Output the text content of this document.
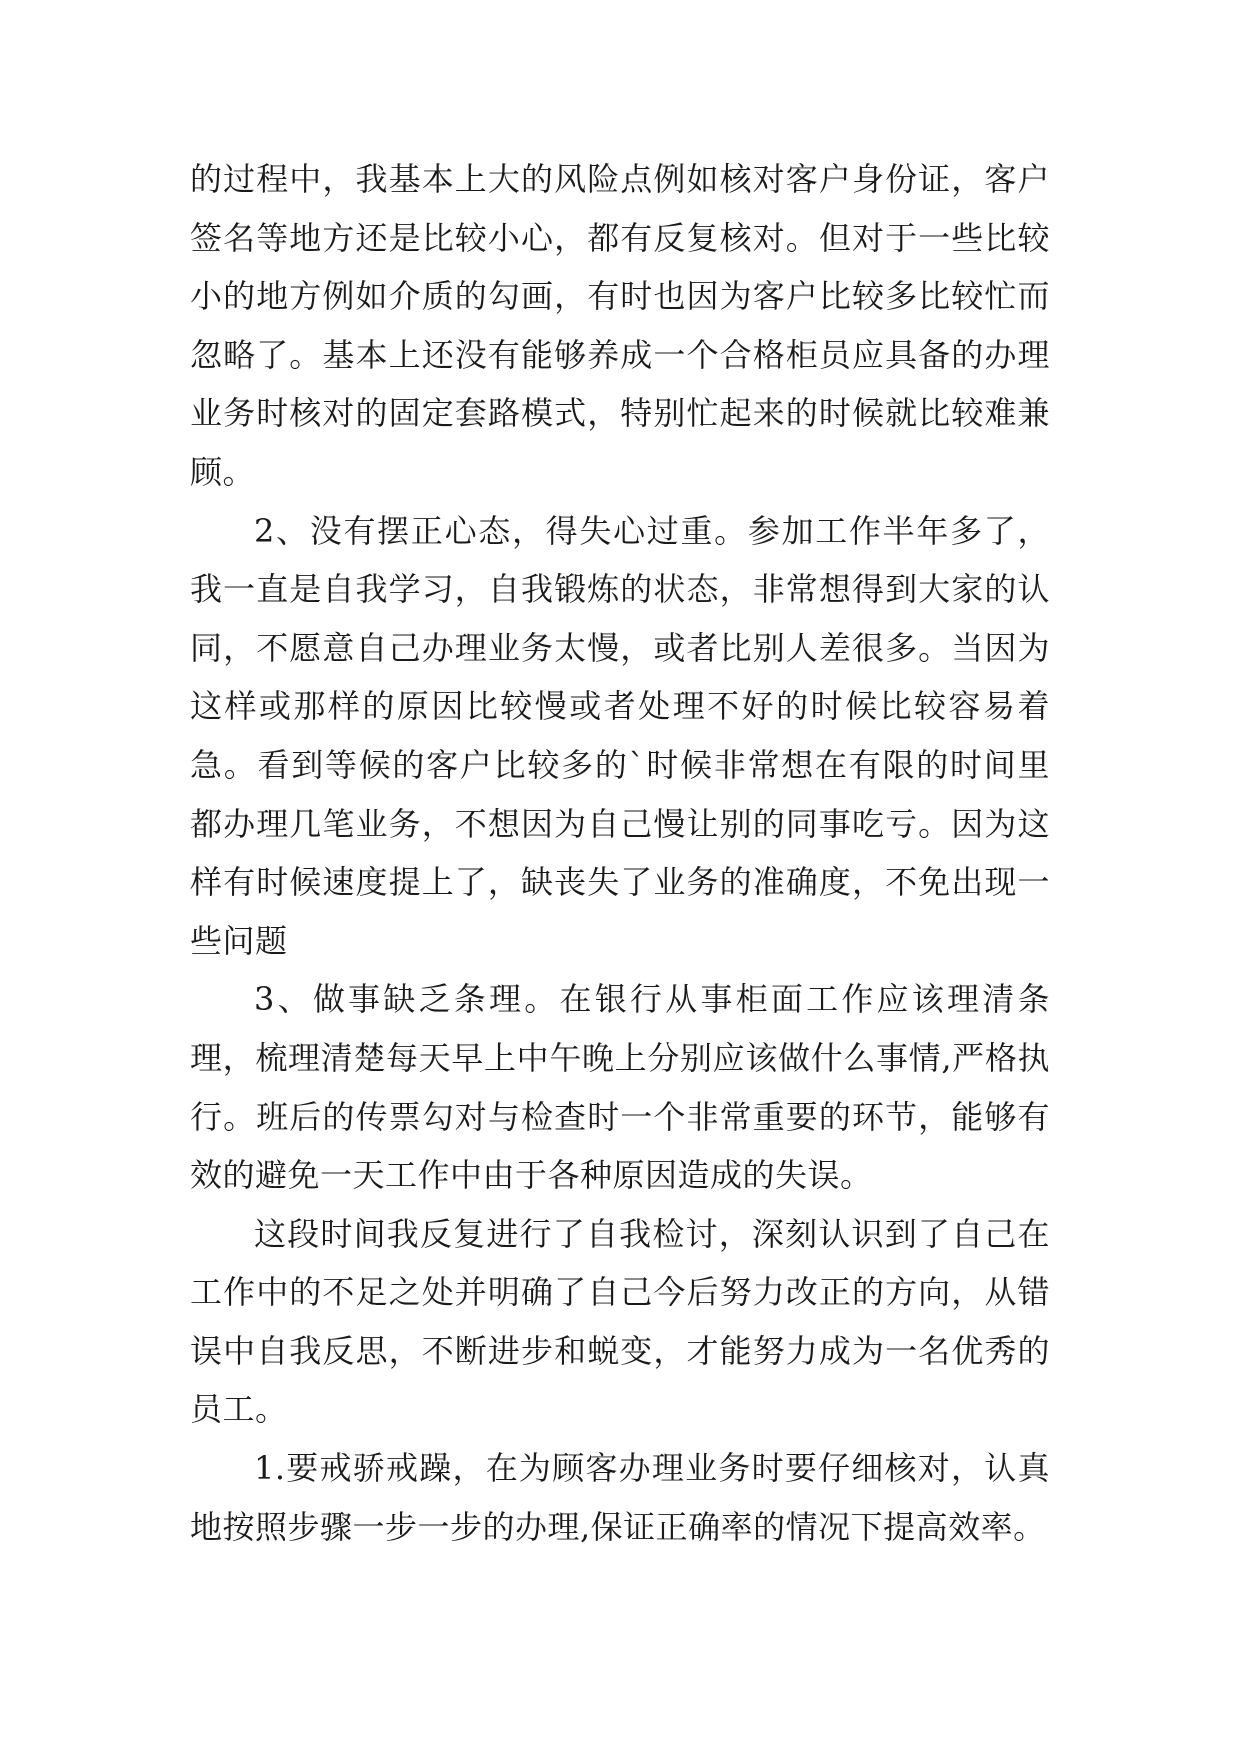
的过程中，我基本上大的风险点例如核对客户身份证，客户签名等地方还是比较小心，都有反复核对。但对于一些比较小的地方例如介质的勾画，有时也因为客户比较多比较忙而忽略了。基本上还没有能够养成一个合格柜员应具备的办理业务时核对的固定套路模式，特别忙起来的时候就比较难兼顾。

2、没有摆正心态，得失心过重。参加工作半年多了，我一直是自我学习，自我锻炼的状态，非常想得到大家的认同，不愿意自己办理业务太慢，或者比别人差很多。当因为这样或那样的原因比较慢或者处理不好的时候比较容易着急。看到等候的客户比较多的`时候非常想在有限的时间里都办理几笔业务，不想因为自己慢让别的同事吃亏。因为这样有时候速度提上了，缺丧失了业务的准确度，不免出现一些问题

3、做事缺乏条理。在银行从事柜面工作应该理清条理，梳理清楚每天早上中午晚上分别应该做什么事情,严格执行。班后的传票勾对与检查时一个非常重要的环节，能够有效的避免一天工作中由于各种原因造成的失误。

这段时间我反复进行了自我检讨，深刻认识到了自己在工作中的不足之处并明确了自己今后努力改正的方向，从错误中自我反思，不断进步和蜕变，才能努力成为一名优秀的员工。

1.要戒骄戒躁，在为顾客办理业务时要仔细核对，认真地按照步骤一步一步的办理,保证正确率的情况下提高效率。
